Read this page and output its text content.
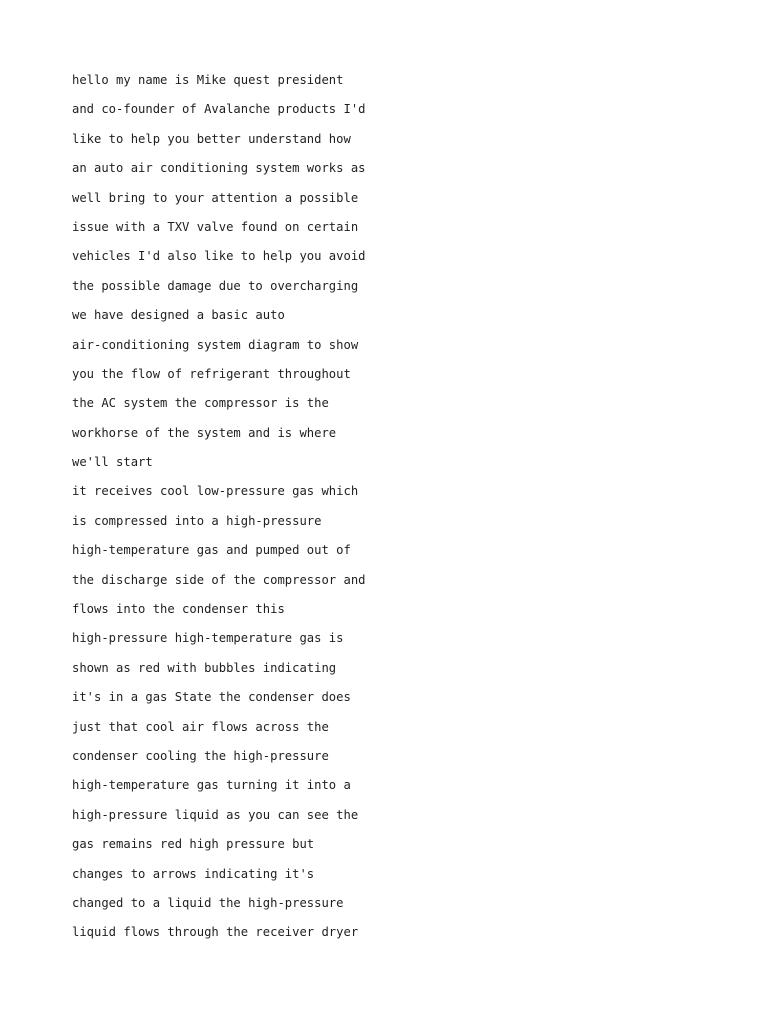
hello my name is Mike quest president
and co-founder of Avalanche products I'd
like to help you better understand how
an auto air conditioning system works as
well bring to your attention a possible
issue with a TXV valve found on certain
vehicles I'd also like to help you avoid
the possible damage due to overcharging
we have designed a basic auto
air-conditioning system diagram to show
you the flow of refrigerant throughout
the AC system the compressor is the
workhorse of the system and is where
we'll start
it receives cool low-pressure gas which
is compressed into a high-pressure
high-temperature gas and pumped out of
the discharge side of the compressor and
flows into the condenser this
high-pressure high-temperature gas is
shown as red with bubbles indicating
it's in a gas State the condenser does
just that cool air flows across the
condenser cooling the high-pressure
high-temperature gas turning it into a
high-pressure liquid as you can see the
gas remains red high pressure but
changes to arrows indicating it's
changed to a liquid the high-pressure
liquid flows through the receiver dryer
